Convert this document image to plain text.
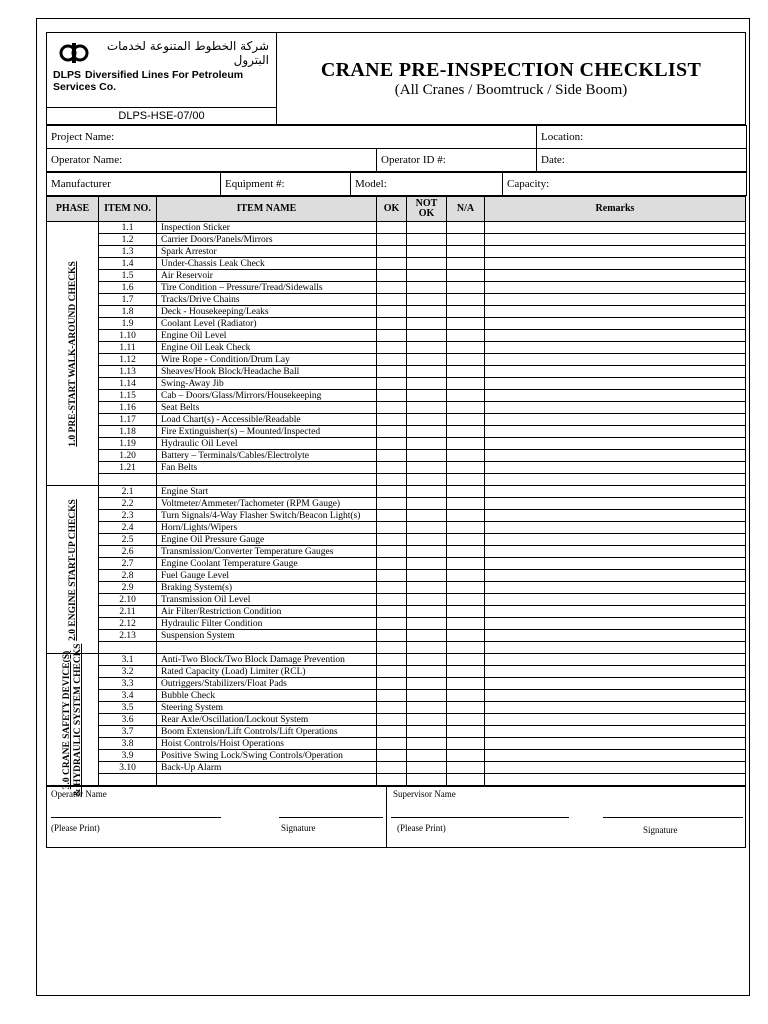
شركة الخطوط المتنوعة لخدمات البترول
DLPS Diversified Lines For Petroleum Services Co.
DLPS-HSE-07/00

CRANE PRE-INSPECTION CHECKLIST
(All Cranes / Boomtruck / Side Boom)
Project Name:		Location:
Operator Name:	Operator ID #:	Date:
Manufacturer	Equipment #:	Model:	Capacity:
PHASE	ITEM NO.	ITEM NAME	OK	NOT OK	N/A	Remarks

1.0 PRE-START WALK-AROUND CHECKS	1.1	Inspection Sticker				
	1.2	Carrier Doors/Panels/Mirrors				
	1.3	Spark Arrestor				
	1.4	Under-Chassis Leak Check				
	1.5	Air Reservoir				
	1.6	Tire Condition – Pressure/Tread/Sidewalls				
	1.7	Tracks/Drive Chains				
	1.8	Deck - Housekeeping/Leaks				
	1.9	Coolant Level (Radiator)				
	1.10	Engine Oil Level				
	1.11	Engine Oil Leak Check				
	1.12	Wire Rope - Condition/Drum Lay				
	1.13	Sheaves/Hook Block/Headache Ball				
	1.14	Swing-Away Jib				
	1.15	Cab – Doors/Glass/Mirrors/Housekeeping				
	1.16	Seat Belts				
	1.17	Load Chart(s) - Accessible/Readable				
	1.18	Fire Extinguisher(s) – Mounted/Inspected				
	1.19	Hydraulic Oil Level				
	1.20	Battery – Terminals/Cables/Electrolyte				
	1.21	Fan Belts				

2.0 ENGINE START-UP CHECKS	2.1	Engine Start				
	2.2	Voltmeter/Ammeter/Tachometer (RPM Gauge)				
	2.3	Turn Signals/4-Way Flasher Switch/Beacon Light(s)				
	2.4	Horn/Lights/Wipers				
	2.5	Engine Oil Pressure Gauge				
	2.6	Transmission/Converter Temperature Gauges				
	2.7	Engine Coolant Temperature Gauge				
	2.8	Fuel Gauge Level				
	2.9	Braking System(s)				
	2.10	Transmission Oil Level				
	2.11	Air Filter/Restriction Condition				
	2.12	Hydraulic Filter Condition				
	2.13	Suspension System				

3.0 CRANE SAFETY DEVICE(S) & HYDRAULIC SYSTEM CHECKS	3.1	Anti-Two Block/Two Block Damage Prevention				
	3.2	Rated Capacity (Load) Limiter (RCL)				
	3.3	Outriggers/Stabilizers/Float Pads				
	3.4	Bubble Check				
	3.5	Steering System				
	3.6	Rear Axle/Oscillation/Lockout System				
	3.7	Boom Extension/Lift Controls/Lift Operations				
	3.8	Hoist Controls/Hoist Operations				
	3.9	Positive Swing Lock/Swing Controls/Operation				
	3.10	Back-Up Alarm				

Operator Name
(Please Print)	Signature

Supervisor Name
(Please Print)	Signature
